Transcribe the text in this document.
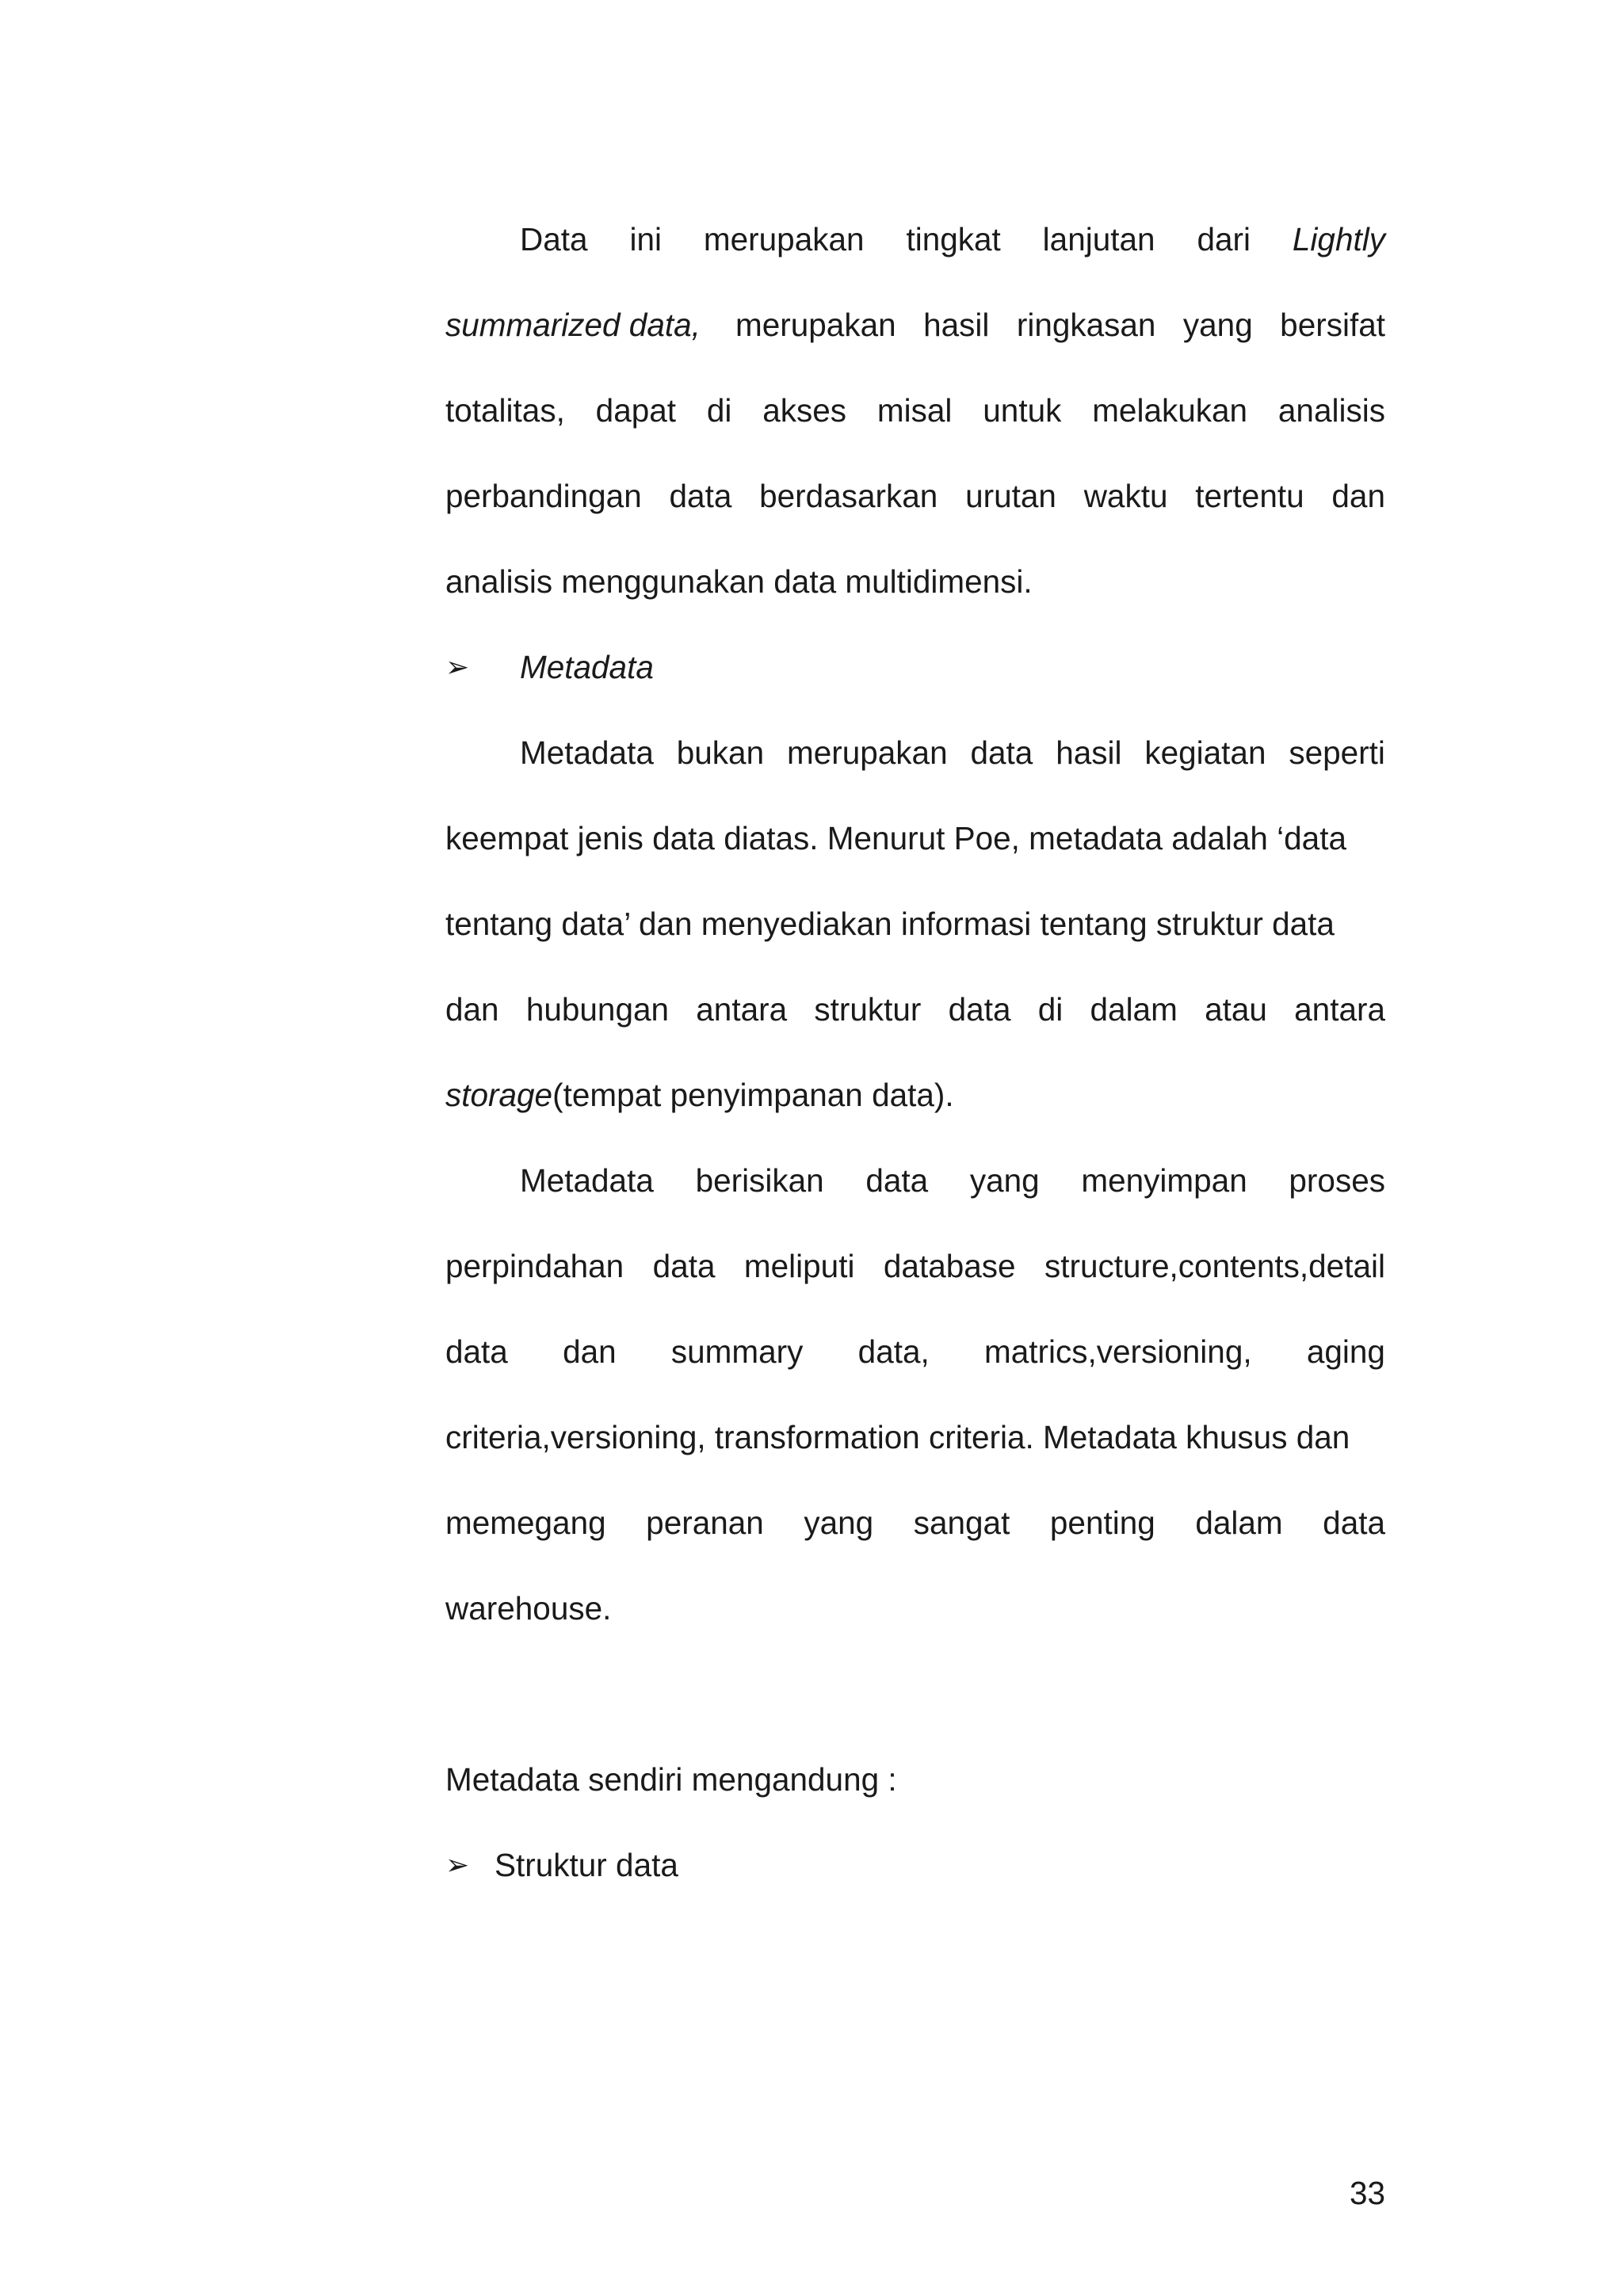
Data ini merupakan tingkat lanjutan dari Lightly
summarized data, merupakan hasil ringkasan yang bersifat
totalitas, dapat di akses misal untuk melakukan analisis
perbandingan data berdasarkan urutan waktu tertentu dan
analisis menggunakan data multidimensi.
➢ Metadata
Metadata bukan merupakan data hasil kegiatan seperti
keempat jenis data diatas. Menurut Poe, metadata adalah ‘data
tentang data’ dan menyediakan informasi tentang struktur data
dan hubungan antara struktur data di dalam atau antara
storage(tempat penyimpanan data).
Metadata berisikan data yang menyimpan proses
perpindahan data meliputi database structure,contents,detail
data dan summary data, matrics,versioning, aging
criteria,versioning, transformation criteria. Metadata khusus dan
memegang peranan yang sangat penting dalam data
warehouse.
Metadata sendiri mengandung :
➢ Struktur data
33
